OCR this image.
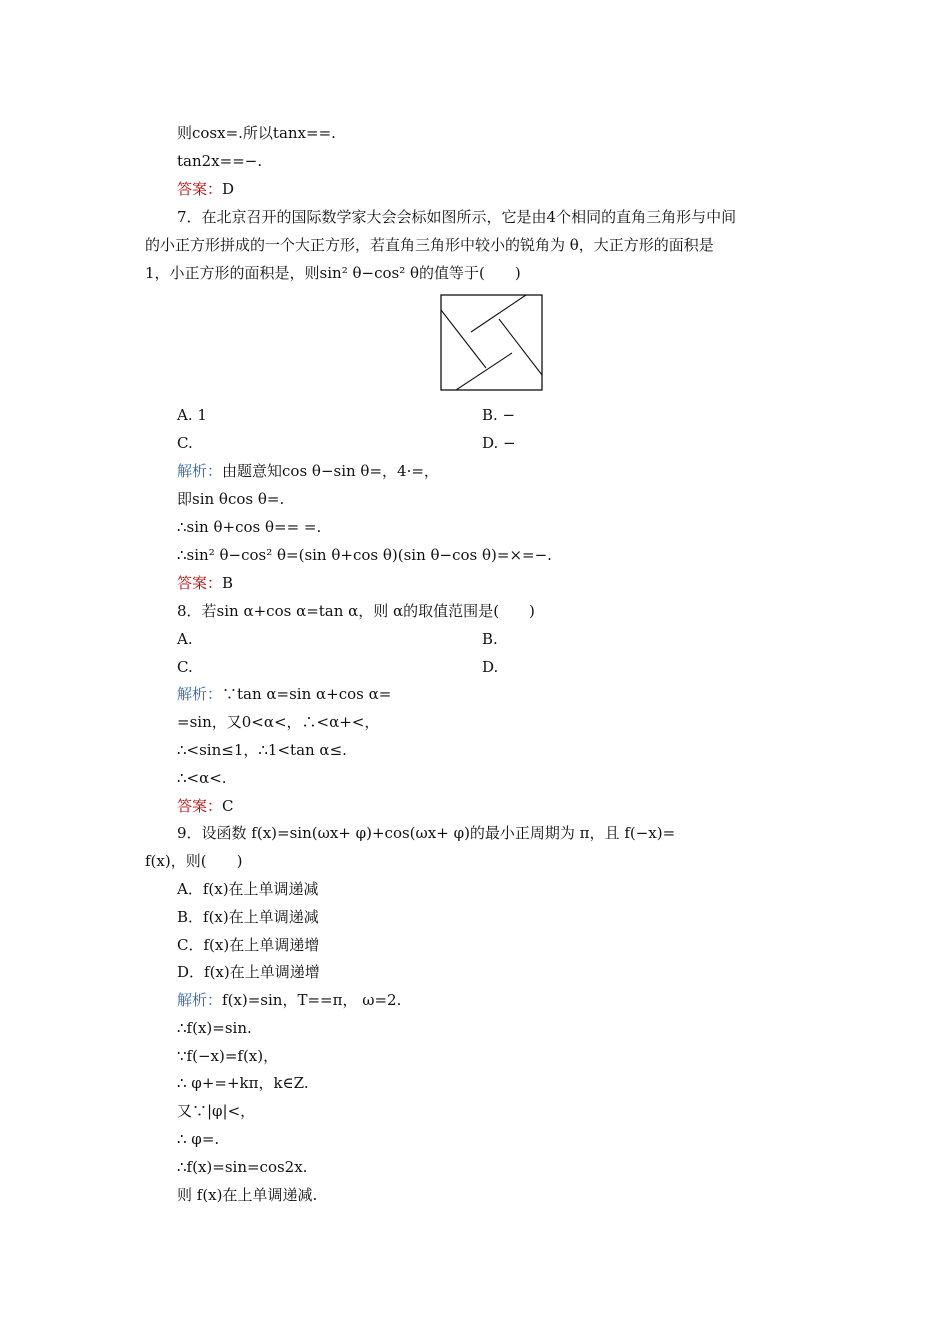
则cosx=.所以tanx==.
tan2x==−.
答案：D
7．在北京召开的国际数学家大会会标如图所示，它是由4个相同的直角三角形与中间
的小正方形拼成的一个大正方形，若直角三角形中较小的锐角为 θ，大正方形的面积是
1，小正方形的面积是，则sin² θ−cos² θ的值等于(　　)
A. 1	B. −
C.	D. −
解析：由题意知cos θ−sin θ=，4·=，
即sin θcos θ=.
∴sin θ+cos θ== =.
∴sin² θ−cos² θ=(sin θ+cos θ)(sin θ−cos θ)=×=−.
答案：B
8．若sin α+cos α=tan α，则 α的取值范围是(　　)
A.	B.
C.	D.
解析：∵tan α=sin α+cos α=
=sin，又0<α<，∴<α+<，
∴<sin≤1，∴1<tan α≤.
∴<α<.
答案：C
9．设函数 f(x)=sin(ωx+ φ)+cos(ωx+ φ)的最小正周期为 π，且 f(−x)=
f(x)，则(　　)
A．f(x)在上单调递减
B．f(x)在上单调递减
C．f(x)在上单调递增
D．f(x)在上单调递增
解析：f(x)=sin，T==π， ω=2.
∴f(x)=sin.
∵f(−x)=f(x)，
∴ φ+=+kπ，k∈Z.
又∵|φ|<，
∴ φ=.
∴f(x)=sin=cos2x.
则 f(x)在上单调递减.
